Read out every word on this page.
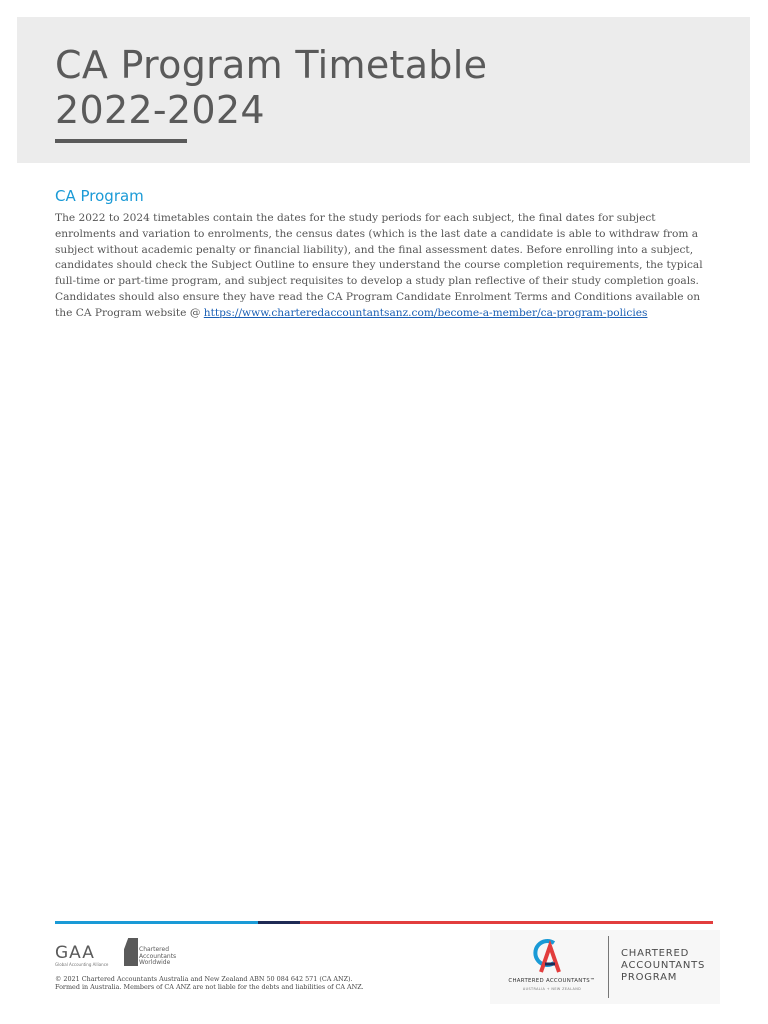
CA Program Timetable
2022-2024
CA Program

The 2022 to 2024 timetables contain the dates for the study periods for each subject, the final dates for subject enrolments and variation to enrolments, the census dates (which is the last date a candidate is able to withdraw from a subject without academic penalty or financial liability), and the final assessment dates. Before enrolling into a subject, candidates should check the Subject Outline to ensure they understand the course completion requirements, the typical full-time or part-time program, and subject requisites to develop a study plan reflective of their study completion goals. Candidates should also ensure they have read the CA Program Candidate Enrolment Terms and Conditions available on the CA Program website @ https://www.charteredaccountantsanz.com/become-a-member/ca-program-policies

GAA
Global Accounting Alliance
Chartered Accountants Worldwide

© 2021 Chartered Accountants Australia and New Zealand ABN 50 084 642 571 (CA ANZ).
Formed in Australia. Members of CA ANZ are not liable for the debts and liabilities of CA ANZ.

CHARTERED ACCOUNTANTS™
AUSTRALIA + NEW ZEALAND
CHARTERED
ACCOUNTANTS
PROGRAM
